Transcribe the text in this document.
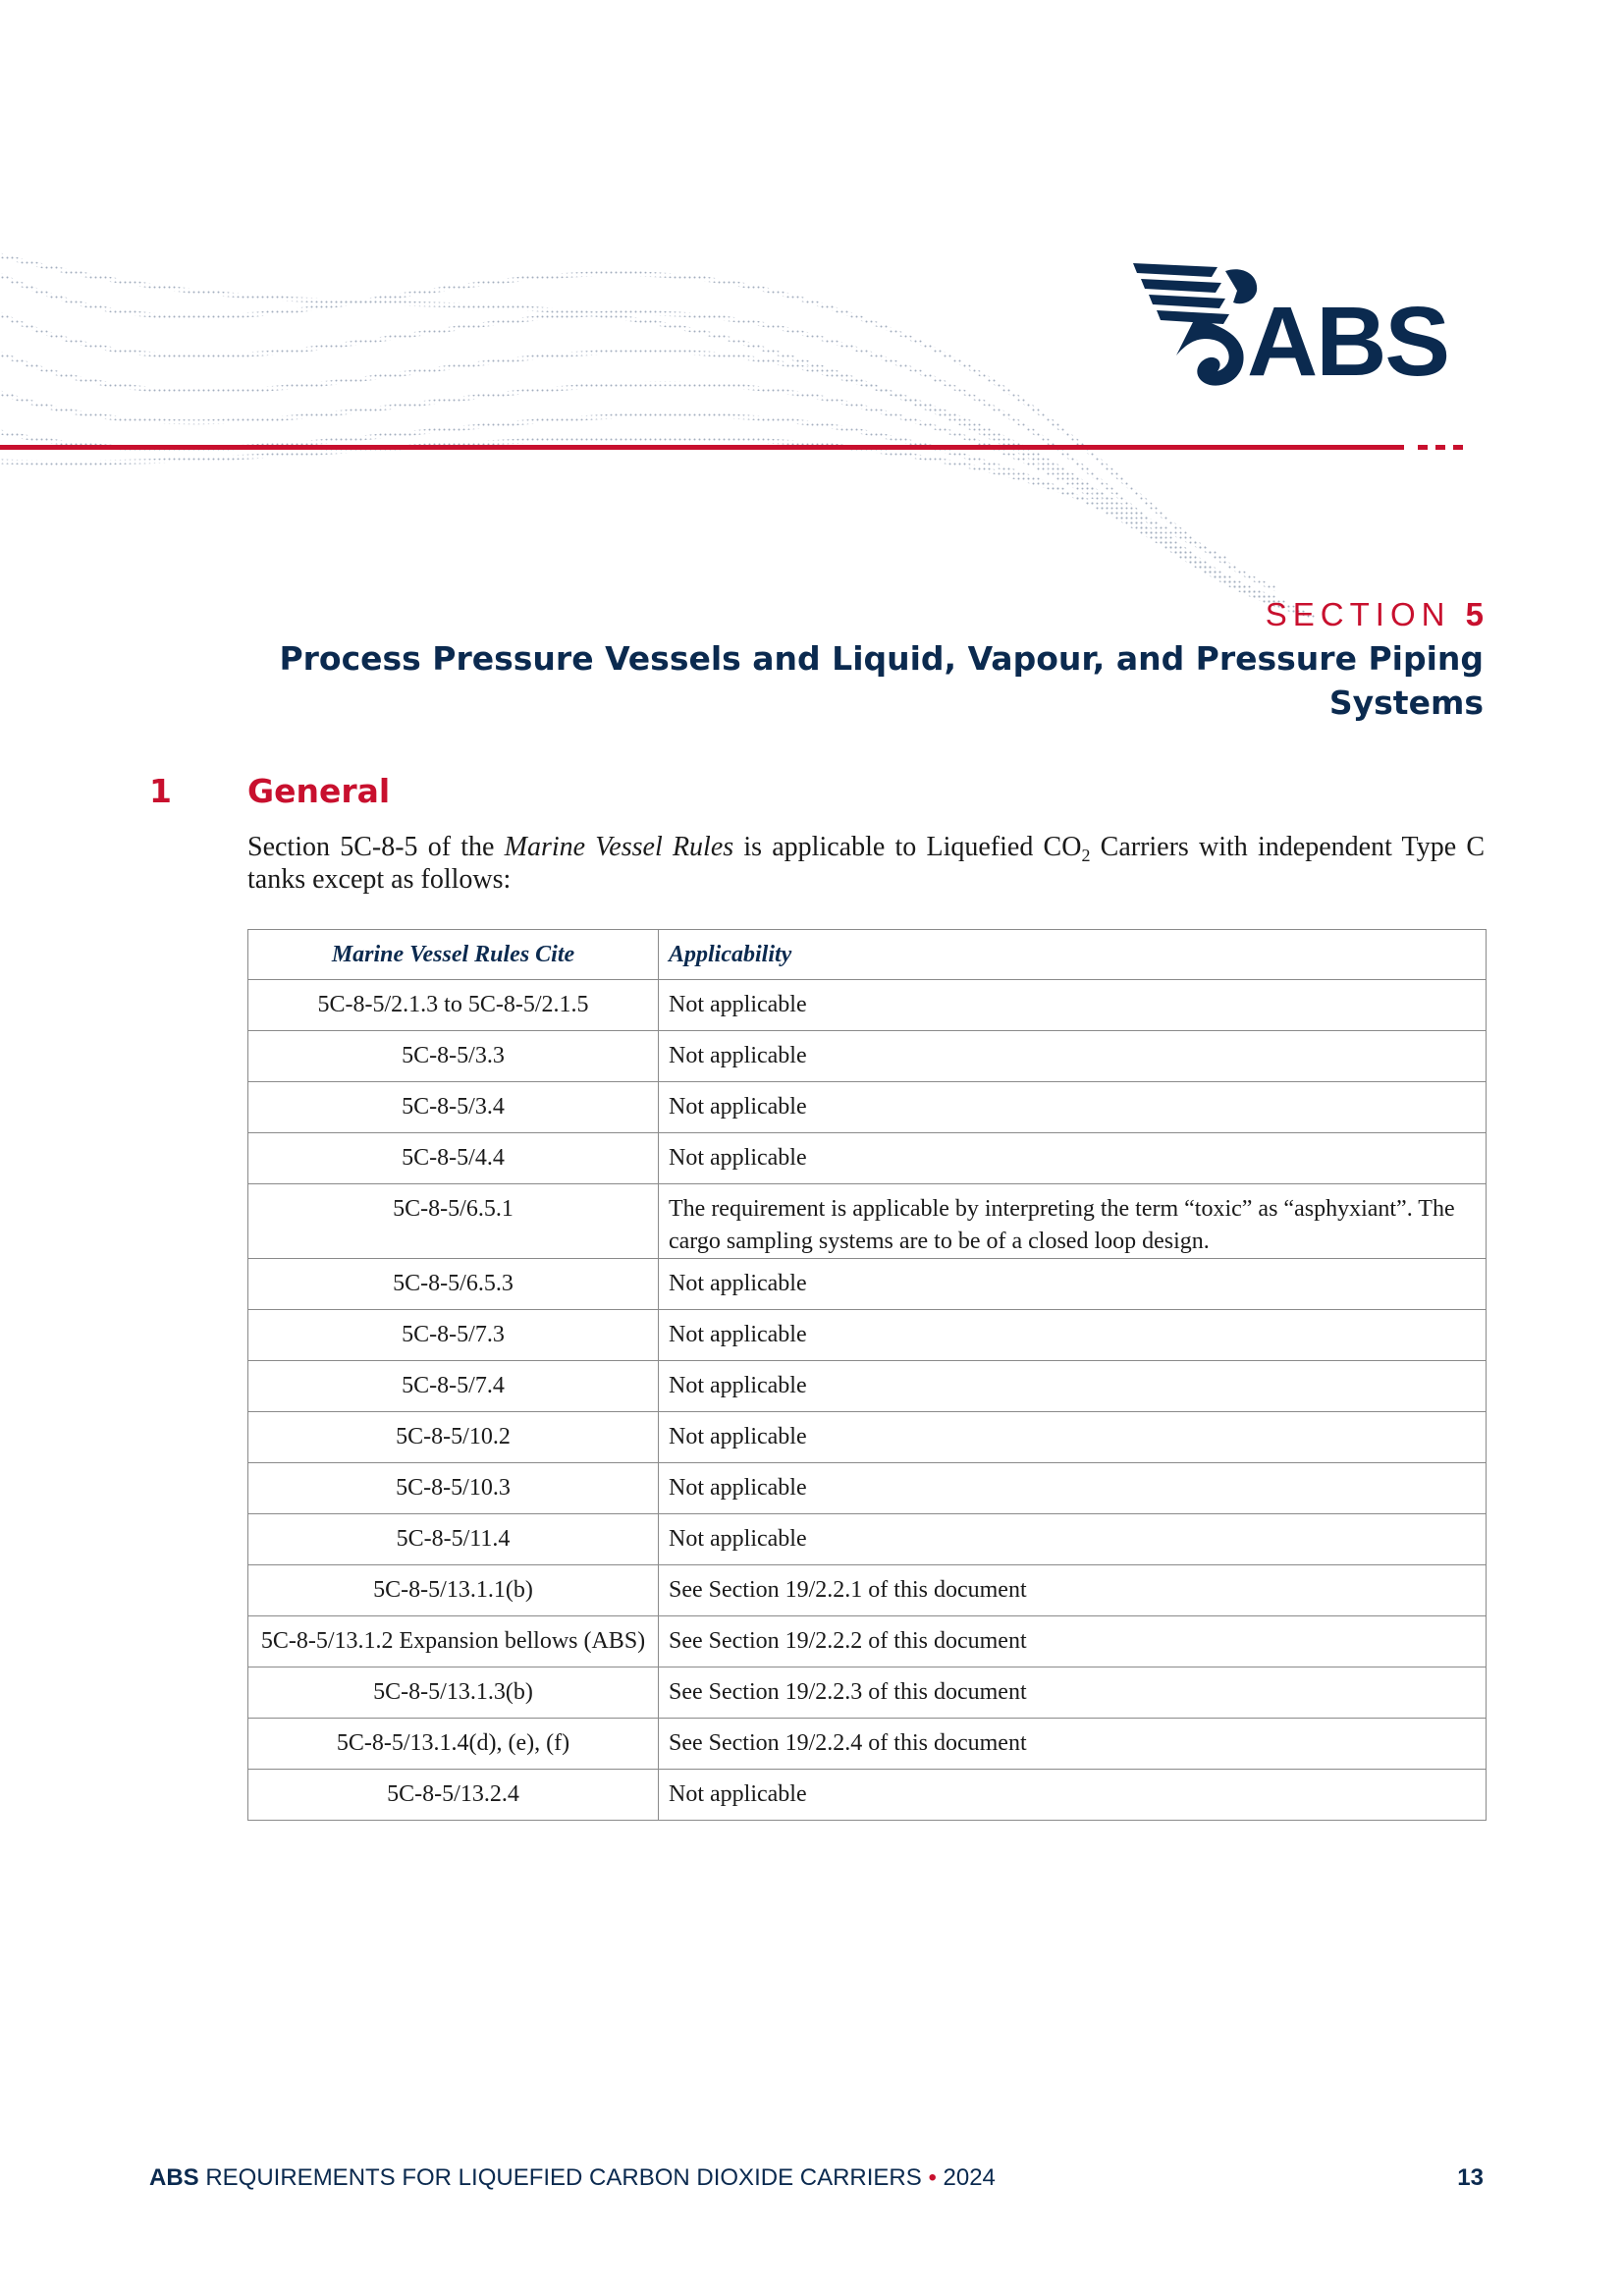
ABS
SECTION 5
Process Pressure Vessels and Liquid, Vapour, and Pressure Piping Systems
1 General

Section 5C-8-5 of the Marine Vessel Rules is applicable to Liquefied $CO_2$ Carriers with independent Type C tanks except as follows:

Marine Vessel Rules Cite	Applicability
5C-8-5/2.1.3 to 5C-8-5/2.1.5	Not applicable
5C-8-5/3.3	Not applicable
5C-8-5/3.4	Not applicable
5C-8-5/4.4	Not applicable
5C-8-5/6.5.1	The requirement is applicable by interpreting the term “toxic” as “asphyxiant”. The cargo sampling systems are to be of a closed loop design.
5C-8-5/6.5.3	Not applicable
5C-8-5/7.3	Not applicable
5C-8-5/7.4	Not applicable
5C-8-5/10.2	Not applicable
5C-8-5/10.3	Not applicable
5C-8-5/11.4	Not applicable
5C-8-5/13.1.1(b)	See Section 19/2.2.1 of this document
5C-8-5/13.1.2 Expansion bellows (ABS)	See Section 19/2.2.2 of this document
5C-8-5/13.1.3(b)	See Section 19/2.2.3 of this document
5C-8-5/13.1.4(d), (e), (f)	See Section 19/2.2.4 of this document
5C-8-5/13.2.4	Not applicable
ABS REQUIREMENTS FOR LIQUEFIED CARBON DIOXIDE CARRIERS • 2024	13
